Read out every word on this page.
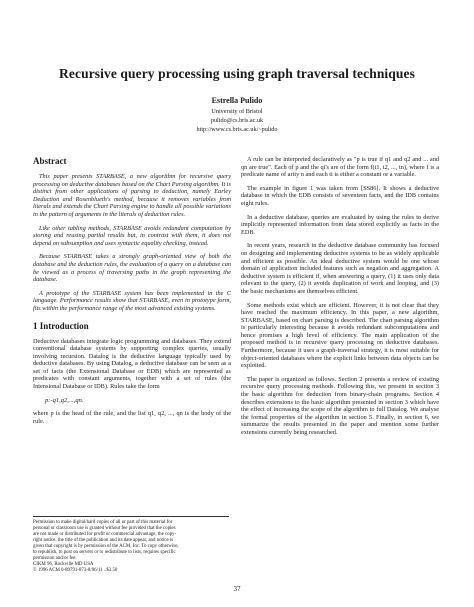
Recursive query processing using graph traversal techniques
Estrella Pulido
University of Bristol
pulido@cs.bris.ac.uk
http://www.cs.bris.ac.uk/~pulido
Abstract

This paper presents STARBASE, a new algorithm for recursive query processing on deductive databases based on the Chart Parsing algorithm. It is distinct from other applications of parsing to deduction, namely Earley Deduction and Rosenblueth's method, because it removes variables from literals and extends the Chart Parsing engine to handle all possible variations in the pattern of arguments in the literals of deduction rules.

Like other tabling methods, STARBASE avoids redundant computation by storing and reusing partial results but, in contrast with them, it does not depend on subsumption and uses syntactic equality checking, instead.

Because STARBASE takes a strongly graph-oriented view of both the database and the deduction rules, the evaluation of a query on a database can be viewed as a process of traversing paths in the graph representing the database.

A prototype of the STARBASE system has been implemented in the C language. Performance results show that STARBASE, even in prototype form, fits within the performance range of the most advanced existing systems.

1 Introduction

Deductive databases integrate logic programming and databases. They extend conventional database systems by supporting complex queries, usually involving recursion. Datalog is the deductive language typically used by deductive databases. By using Datalog, a deductive database can be seen as a set of facts (the Extensional Database or EDB) which are represented as predicates with constant arguments, together with a set of rules (the Intensional Database or IDB). Rules take the form

p:-q1,q2,...,qn.

where p is the head of the rule, and the list q1, q2, ..., qn is the body of the rule.

Permission to make digital/hard copies of all or part of this material for
personal or classroom use is granted without fee provided that the copies
are not made or distributed for profit or commercial advantage, the copy-
right notice, the title of the publication and its date appear, and notice is
given that copyright is by permission of the ACM, Inc. To copy otherwise,
to republish, to post on servers or to redistribute to lists, requires specific
permission and/or fee.
CIKM 96, Rockville MD USA
© 1996 ACM 0-89791-873-8/96/11 ..$3.50

A rule can be interpreted declaratively as "p is true if q1 and q2 and ... and qn are true". Each of p and the qi's are of the form f(t1, t2, ..., tn), where f is a predicate name of arity n and each ti is either a constant or a variable.

The example in figure 1 was taken from [SS86]. It shows a deductive database in which the EDB consists of seventeen facts, and the IDB contains eight rules.

In a deductive database, queries are evaluated by using the rules to derive implicitly represented information from data stored explicitly as facts in the EDB.

In recent years, research in the deductive database community has focused on designing and implementing deductive systems to be as widely applicable and efficient as possible. An ideal deductive system would be one whose domain of application included features such as negation and aggregation. A deductive system is efficient if, when answering a query, (1) it uses only data relevant to the query, (2) it avoids duplication of work and looping, and (3) the basic mechanisms are themselves efficient.

Some methods exist which are efficient. However, it is not clear that they have reached the maximum efficiency. In this paper, a new algorithm, STARBASE, based on chart parsing is described. The chart parsing algorithm is particularly interesting because it avoids redundant subcomputations and hence promises a high level of efficiency. The main application of the proposed method is in recursive query processing on deductive databases. Furthermore, because it uses a graph-traversal strategy, it is most suitable for object-oriented databases where the explicit links between data objects can be exploited.

The paper is organized as follows. Section 2 presents a review of existing recursive query processing methods. Following this, we present in section 3 the basic algorithm for deduction from binary-chain programs. Section 4 describes extensions to the basic algorithm presented in section 3 which have the effect of increasing the scope of the algorithm to full Datalog. We analyse the formal properties of the algorithm in section 5. Finally, in section 6, we summarize the results presented in the paper and mention some further extensions currently being researched.

37
